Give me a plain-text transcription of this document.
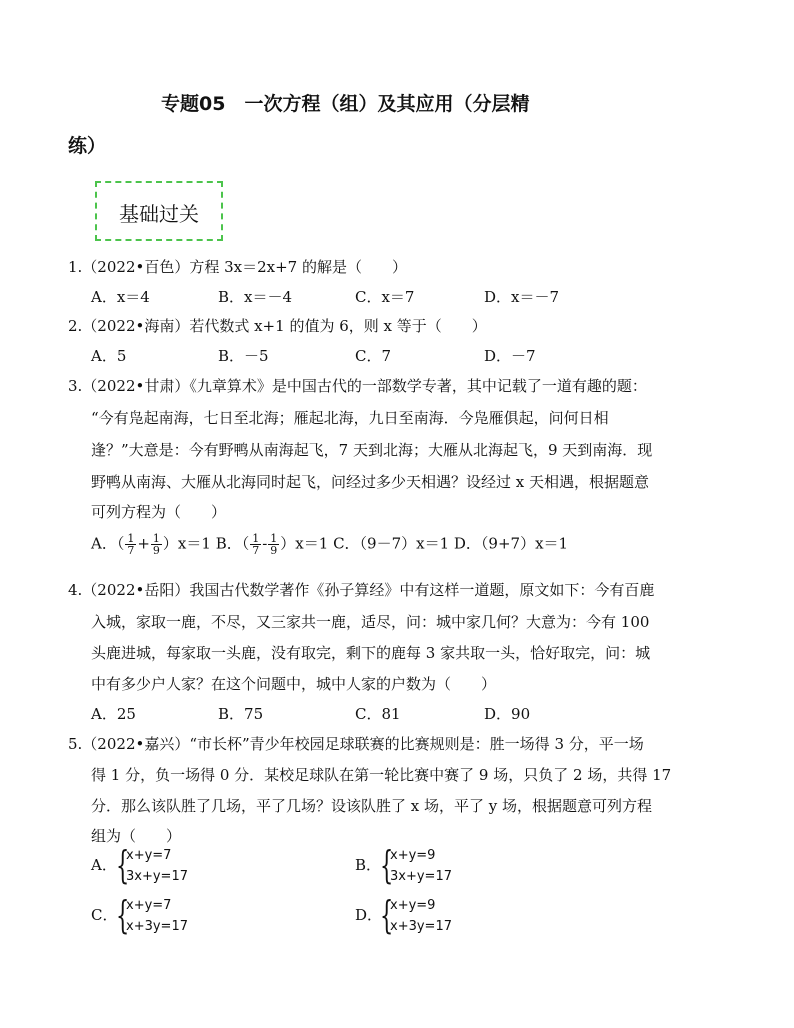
专题05　一次方程（组）及其应用（分层精
练）
基础过关
1.（2022•百色）方程 3x＝2x+7 的解是（　　）
A．x＝4	B．x＝－4	C．x＝7	D．x＝－7
2.（2022•海南）若代数式 x+1 的值为 6，则 x 等于（　　）
A．5	B．－5	C．7	D．－7
3.（2022•甘肃）《九章算术》是中国古代的一部数学专著，其中记载了一道有趣的题：
“今有凫起南海，七日至北海；雁起北海，九日至南海．今凫雁俱起，问何日相
逢？”大意是：今有野鸭从南海起飞，7 天到北海；大雁从北海起飞，9 天到南海．现
野鸭从南海、大雁从北海同时起飞，问经过多少天相遇？设经过 x 天相遇，根据题意
可列方程为（　　）
A．（ $\frac{1}{7} + \frac{1}{9} )x=1$ B．（ $\frac{1}{7} - \frac{1}{9} )x=1$ C．（9－7）x＝1 D．（9+7）x＝1
4.（2022•岳阳）我国古代数学著作《孙子算经》中有这样一道题，原文如下：今有百鹿
入城，家取一鹿，不尽，又三家共一鹿，适尽，问：城中家几何？大意为：今有 100
头鹿进城，每家取一头鹿，没有取完，剩下的鹿每 3 家共取一头，恰好取完，问：城
中有多少户人家？在这个问题中，城中人家的户数为（　　）
A．25	B．75	C．81	D．90
5.（2022•嘉兴）“市长杯”青少年校园足球联赛的比赛规则是：胜一场得 3 分，平一场
得 1 分，负一场得 0 分．某校足球队在第一轮比赛中赛了 9 场，只负了 2 场，共得 17
分．那么该队胜了几场，平了几场？设该队胜了 x 场，平了 y 场，根据题意可列方程
组为（　　）
A． {
x+y=7
3x+y=17
B．
{
x+y=9
3x+y=17
C．
{
x+y=7
x+3y=17
D．
{
x+y=9
x+3y=17
